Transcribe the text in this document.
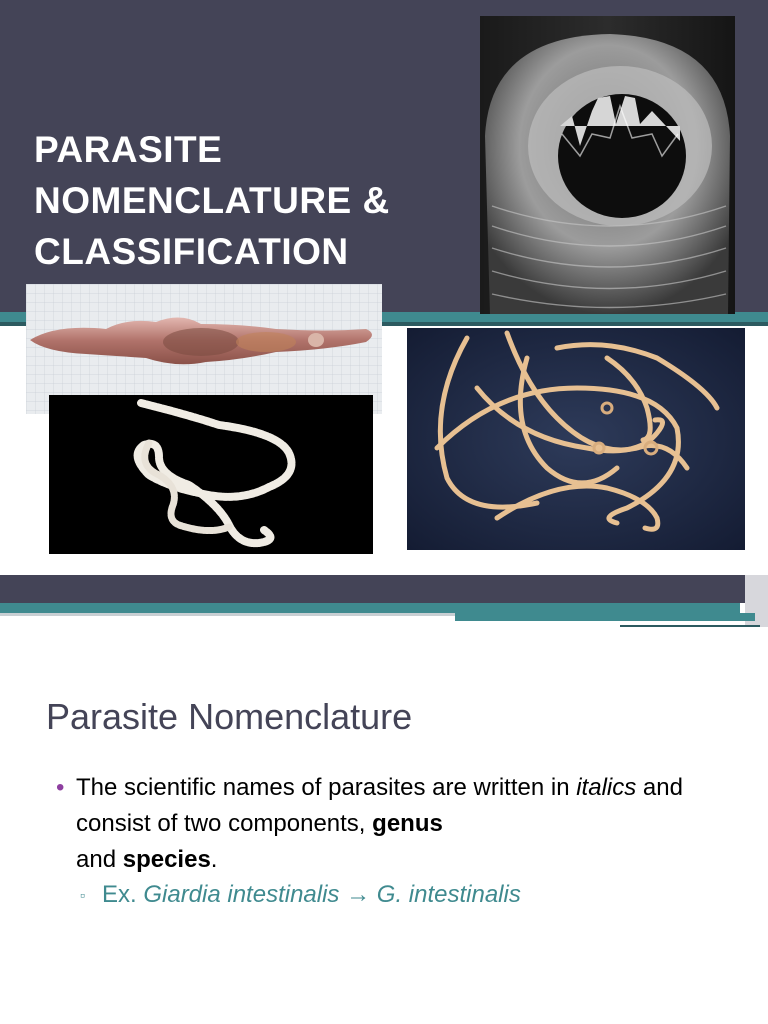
PARASITE
NOMENCLATURE &
CLASSIFICATION
Parasite Nomenclature
• The scientific names of parasites are written in italics and consist of two components, genus
and species.
▫ Ex. Giardia intestinalis → G. intestinalis
